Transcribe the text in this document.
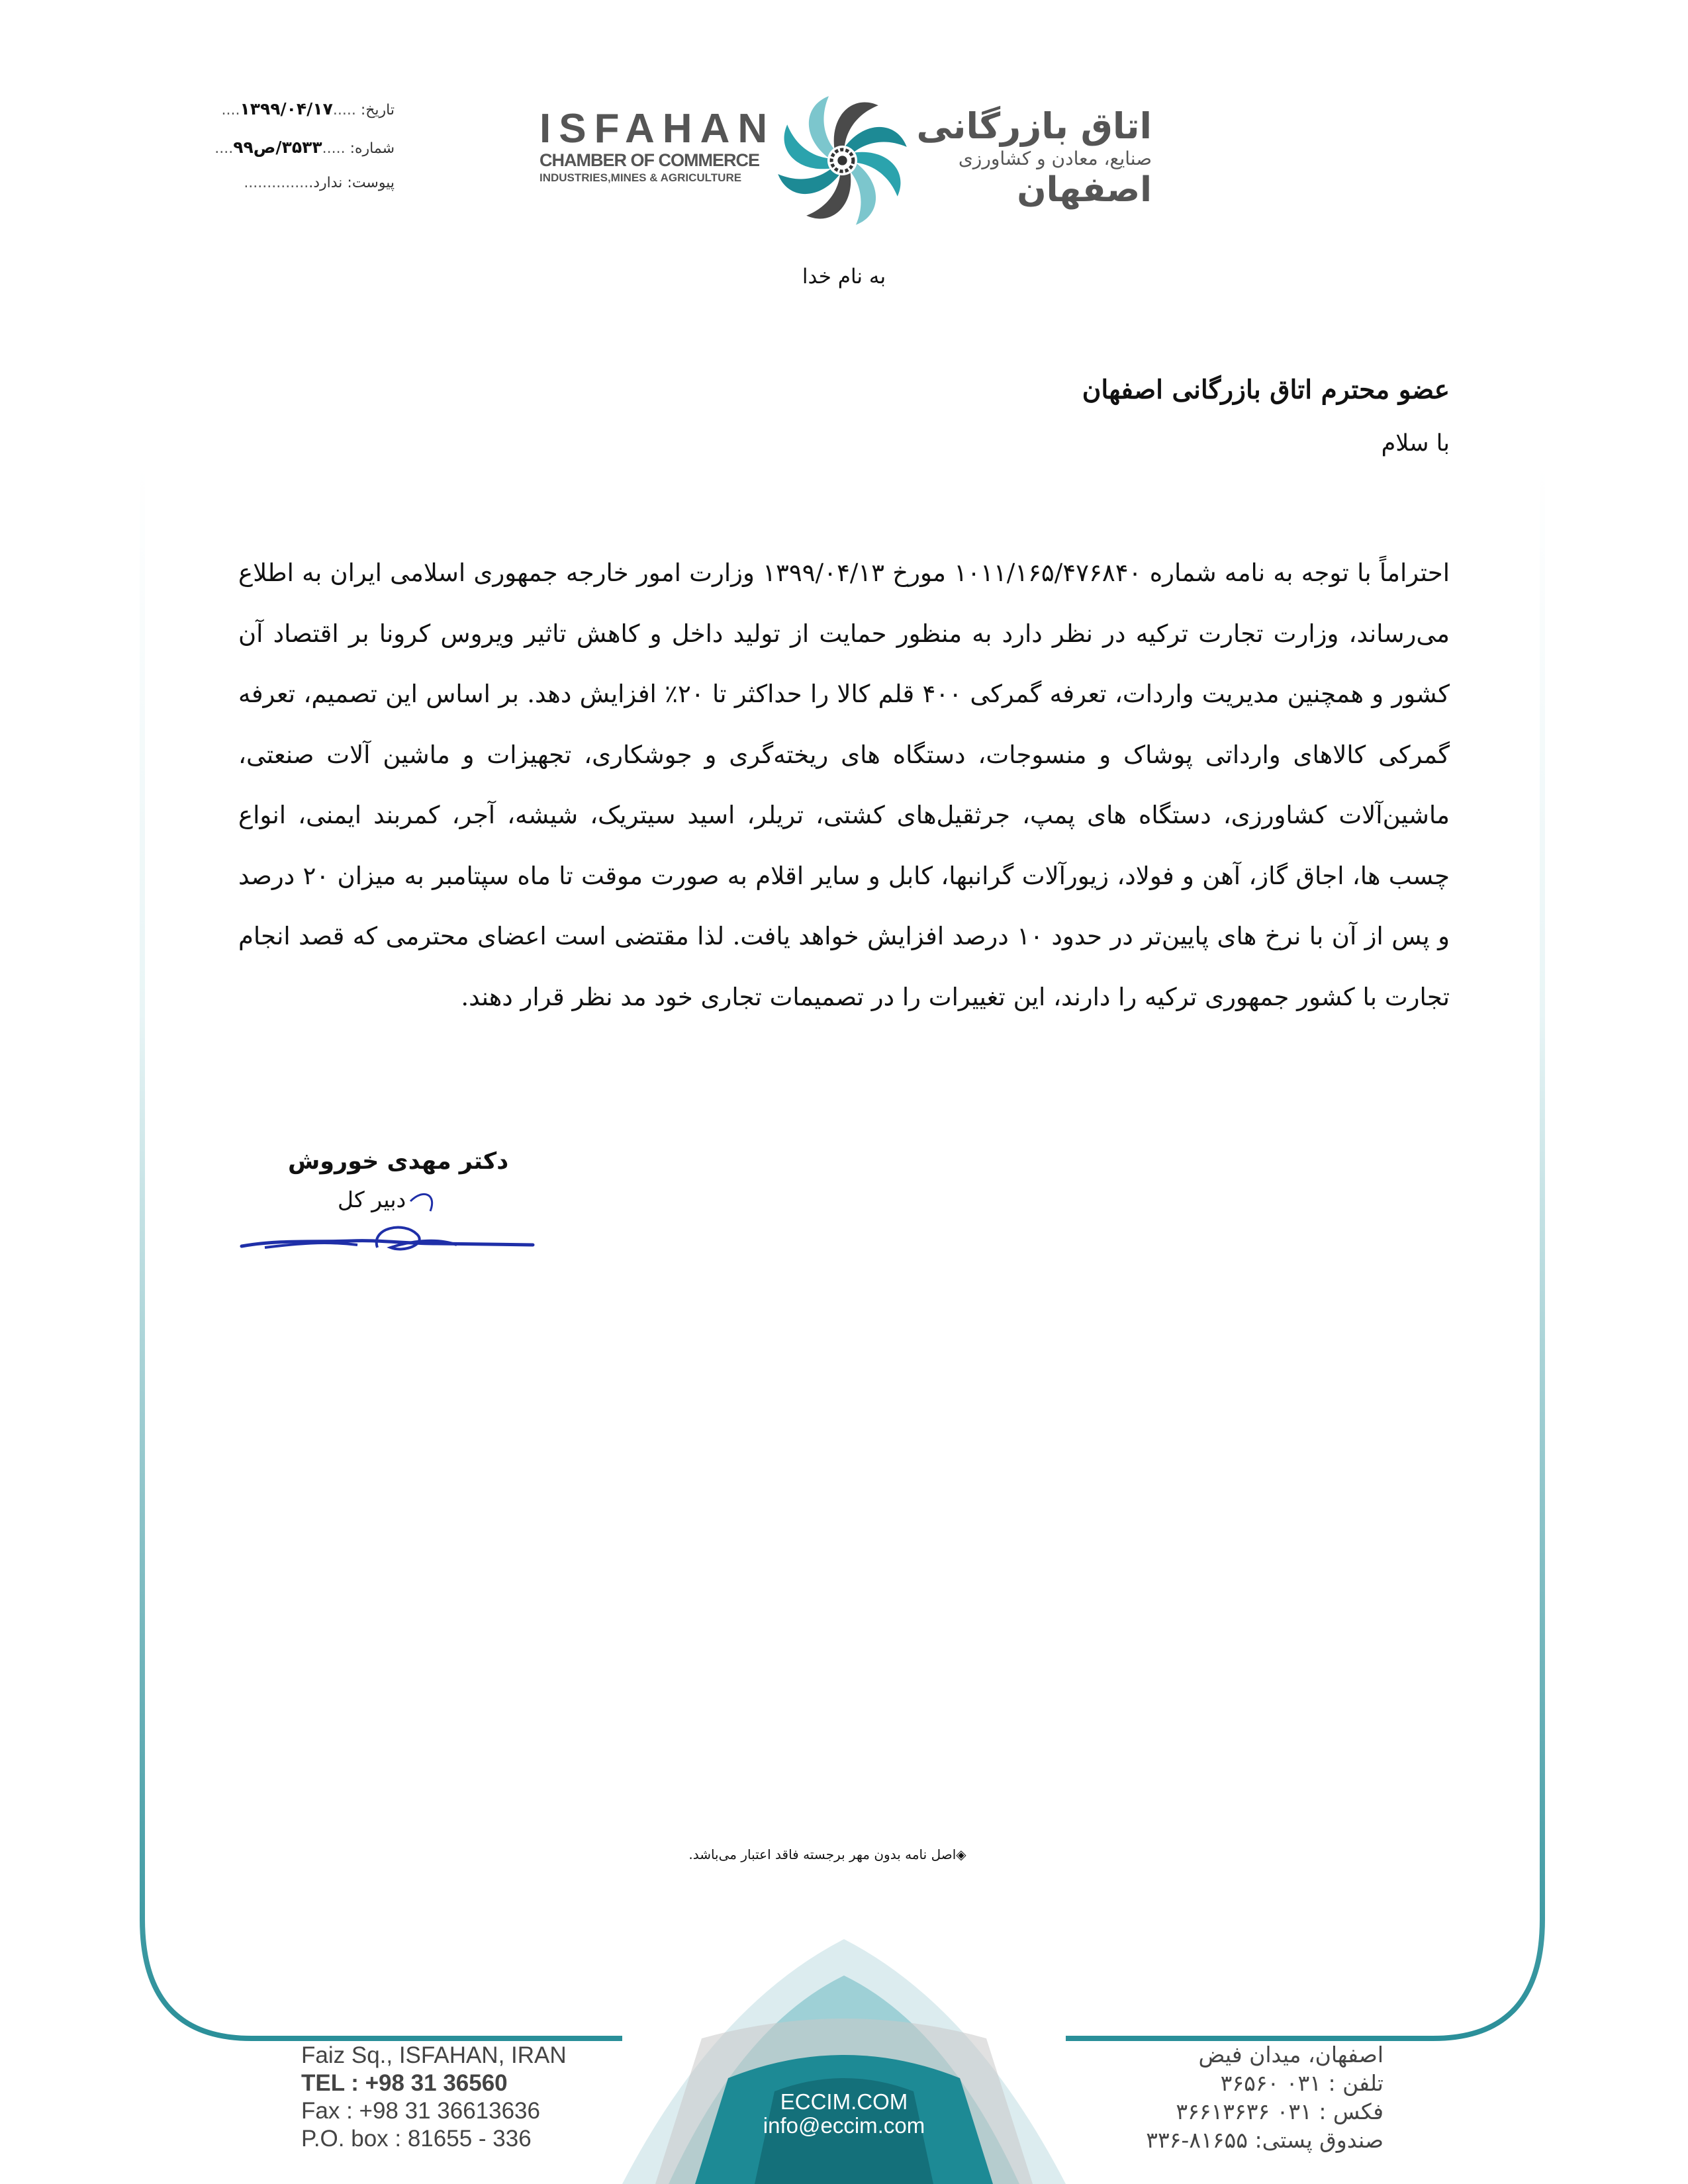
تاریخ: .....۱۳۹۹/۰۴/۱۷....
شماره: .....۳۵۳۳/ص۹۹....
پیوست: ندارد...............
ISFAHAN
CHAMBER OF COMMERCE
INDUSTRIES,MINES & AGRICULTURE
اتاق بازرگانی
صنایع، معادن و کشاورزی
اصفهان
به نام خدا
عضو محترم اتاق بازرگانی اصفهان
با سلام
احتراماً با توجه به نامه شماره ۱۰۱۱/۱۶۵/۴۷۶۸۴۰ مورخ ۱۳۹۹/۰۴/۱۳ وزارت امور خارجه جمهوری اسلامی ایران به اطلاع می‌رساند، وزارت تجارت ترکیه در نظر دارد به منظور حمایت از تولید داخل و کاهش تاثیر ویروس کرونا بر اقتصاد آن کشور و همچنین مدیریت واردات، تعرفه گمرکی ۴۰۰ قلم کالا را حداکثر تا ۲۰٪ افزایش دهد. بر اساس این تصمیم، تعرفه گمرکی کالاهای وارداتی پوشاک و منسوجات، دستگاه های ریخته‌گری و جوشکاری، تجهیزات و ماشین آلات صنعتی، ماشین‌آلات کشاورزی، دستگاه های پمپ، جرثقیل‌های کشتی، تریلر، اسید سیتریک، شیشه، آجر، کمربند ایمنی، انواع چسب ها، اجاق گاز، آهن و فولاد، زیورآلات گرانبها، کابل و سایر اقلام به صورت موقت تا ماه سپتامبر به میزان ۲۰ درصد و پس از آن با نرخ های پایین‌تر در حدود ۱۰ درصد افزایش خواهد یافت. لذا مقتضی است اعضای محترمی که قصد انجام تجارت با کشور جمهوری ترکیه را دارند، این تغییرات را در تصمیمات تجاری خود مد نظر قرار دهند.
دکتر مهدی خوروش
دبیر کل
◈اصل نامه بدون مهر برجسته فاقد اعتبار می‌باشد.
Faiz Sq., ISFAHAN, IRAN
TEL : +98 31 36560
Fax : +98 31 36613636
P.O. box : 81655 - 336
ECCIM.COM
info@eccim.com
اصفهان، میدان فیض
تلفن : ۰۳۱ ۳۶۵۶۰
فکس : ۰۳۱ ۳۶۶۱۳۶۳۶
صندوق پستی: ۸۱۶۵۵-۳۳۶
